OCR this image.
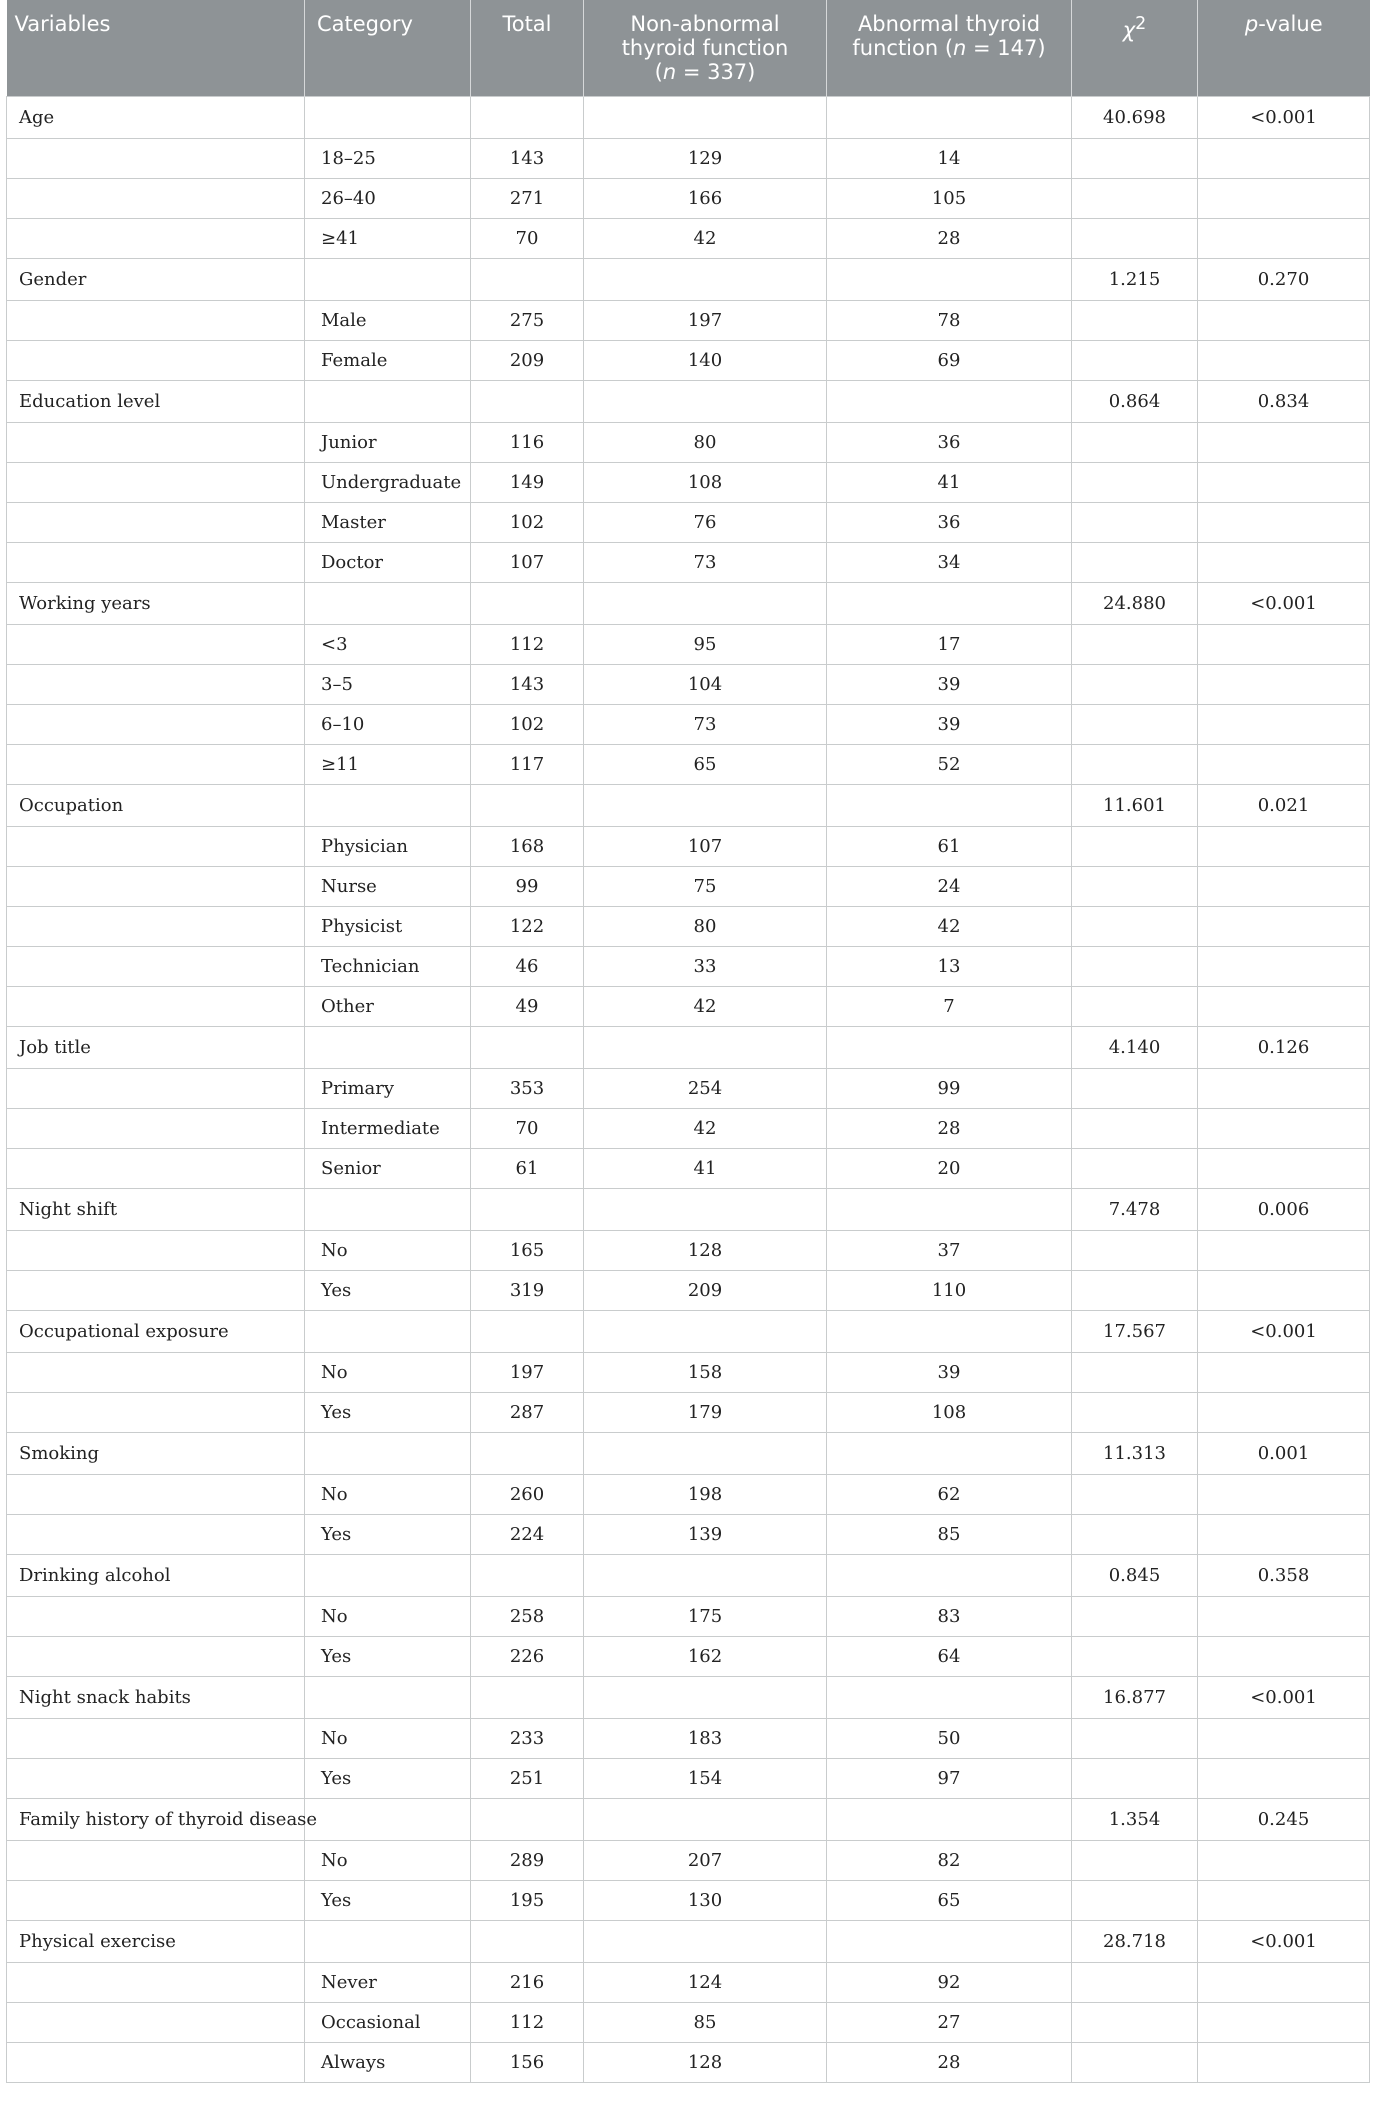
Variables	Category	Total	Non-abnormal
thyroid function
(n = 337)	Abnormal thyroid
function (n = 147)	$\chi^2$	p-value
Age					40.698	<0.001
	18–25	143	129	14		
	26–40	271	166	105		
	≥41	70	42	28		
Gender					1.215	0.270
	Male	275	197	78		
	Female	209	140	69		
Education level					0.864	0.834
	Junior	116	80	36		
	Undergraduate	149	108	41		
	Master	102	76	36		
	Doctor	107	73	34		
Working years					24.880	<0.001
	<3	112	95	17		
	3–5	143	104	39		
	6–10	102	73	39		
	≥11	117	65	52		
Occupation					11.601	0.021
	Physician	168	107	61		
	Nurse	99	75	24		
	Physicist	122	80	42		
	Technician	46	33	13		
	Other	49	42	7		
Job title					4.140	0.126
	Primary	353	254	99		
	Intermediate	70	42	28		
	Senior	61	41	20		
Night shift					7.478	0.006
	No	165	128	37		
	Yes	319	209	110		
Occupational exposure					17.567	<0.001
	No	197	158	39		
	Yes	287	179	108		
Smoking					11.313	0.001
	No	260	198	62		
	Yes	224	139	85		
Drinking alcohol					0.845	0.358
	No	258	175	83		
	Yes	226	162	64		
Night snack habits					16.877	<0.001
	No	233	183	50		
	Yes	251	154	97		
Family history of thyroid disease					1.354	0.245
	No	289	207	82		
	Yes	195	130	65		
Physical exercise					28.718	<0.001
	Never	216	124	92		
	Occasional	112	85	27		
	Always	156	128	28		
